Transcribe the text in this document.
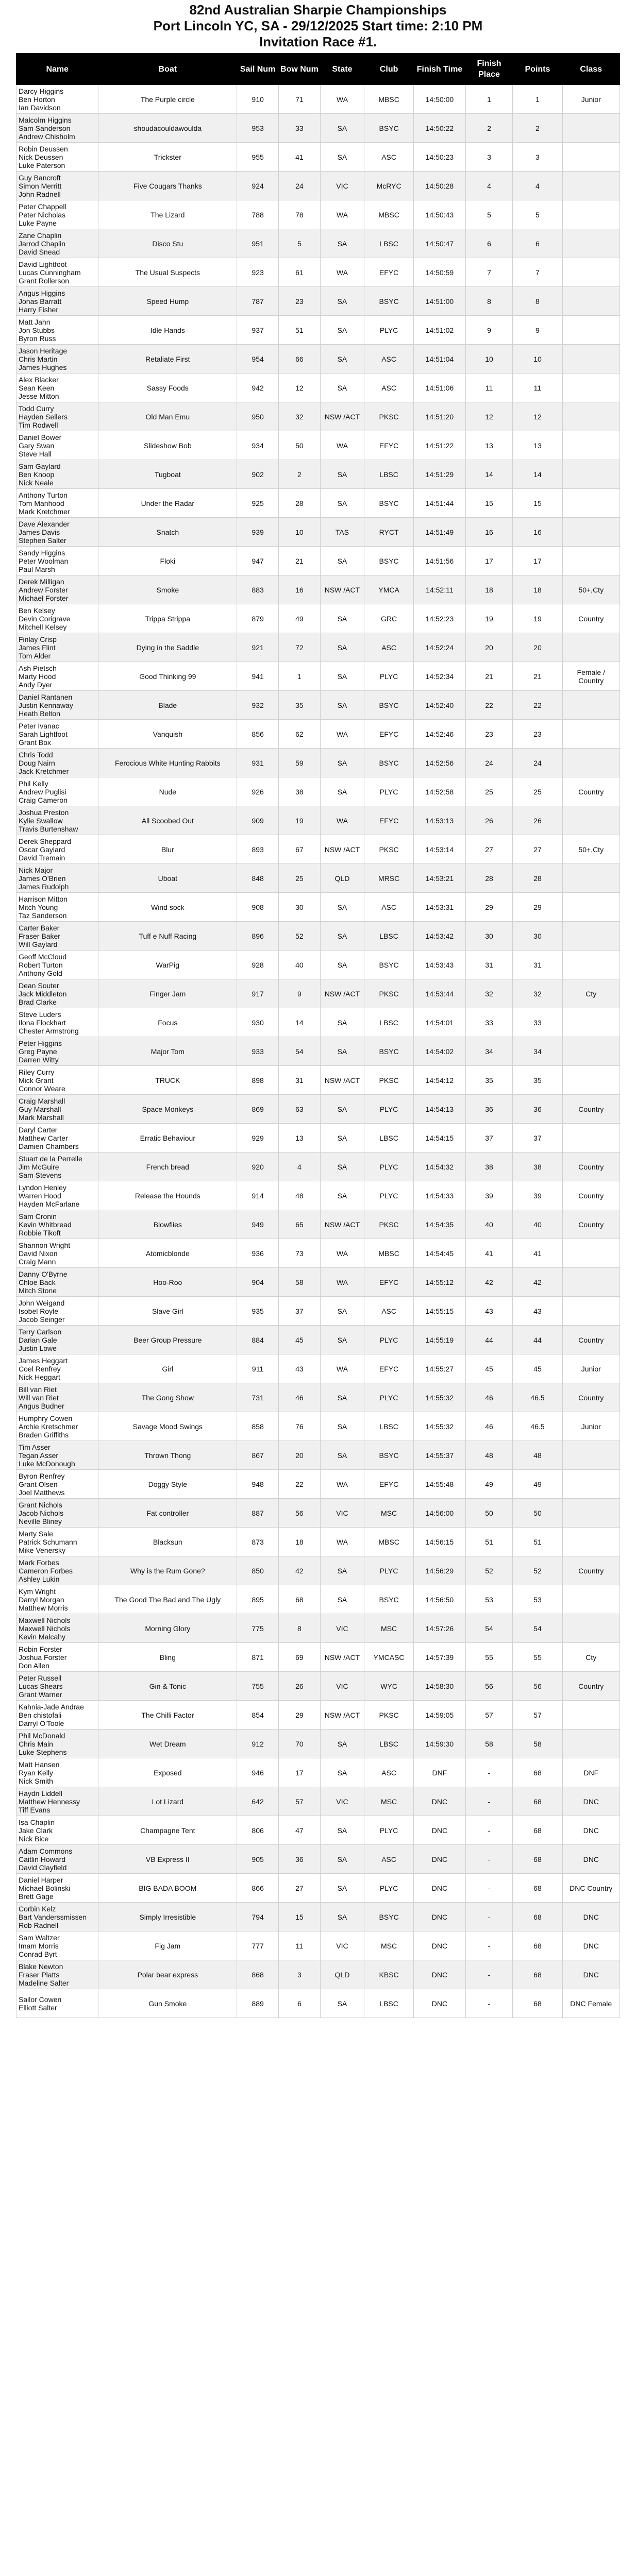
82nd Australian Sharpie Championships
Port Lincoln YC, SA - 29/12/2025 Start time: 2:10 PM
Invitation Race #1.
Name	Boat	Sail Num	Bow Num	State	Club	Finish Time	Finish Place	Points	Class

Darcy Higgins
Ben Horton
Ian Davidson	The Purple circle	910	71	WA	MBSC	14:50:00	1	1	Junior

Malcolm Higgins
Sam Sanderson
Andrew Chisholm	shoudacouldawoulda	953	33	SA	BSYC	14:50:22	2	2	

Robin Deussen
Nick Deussen
Luke Paterson	Trickster	955	41	SA	ASC	14:50:23	3	3	

Guy Bancroft
Simon Merritt
John Radnell	Five Cougars Thanks	924	24	VIC	McRYC	14:50:28	4	4	

Peter Chappell
Peter Nicholas
Luke Payne	The Lizard	788	78	WA	MBSC	14:50:43	5	5	

Zane Chaplin
Jarrod Chaplin
David Snead	Disco Stu	951	5	SA	LBSC	14:50:47	6	6	

David Lightfoot
Lucas Cunningham
Grant Rollerson	The Usual Suspects	923	61	WA	EFYC	14:50:59	7	7	

Angus Higgins
Jonas Barratt
Harry Fisher	Speed Hump	787	23	SA	BSYC	14:51:00	8	8	

Matt Jahn
Jon Stubbs
Byron Russ	Idle Hands	937	51	SA	PLYC	14:51:02	9	9	

Jason Heritage
Chris Martin
James Hughes	Retaliate First	954	66	SA	ASC	14:51:04	10	10	

Alex Blacker
Sean Keen
Jesse Mitton	Sassy Foods	942	12	SA	ASC	14:51:06	11	11	

Todd Curry
Hayden Sellers
Tim Rodwell	Old Man Emu	950	32	NSW /ACT	PKSC	14:51:20	12	12	

Daniel Bower
Gary Swan
Steve Hall	Slideshow Bob	934	50	WA	EFYC	14:51:22	13	13	

Sam Gaylard
Ben Knoop
Nick Neale	Tugboat	902	2	SA	LBSC	14:51:29	14	14	

Anthony Turton
Tom Manhood
Mark Kretchmer	Under the Radar	925	28	SA	BSYC	14:51:44	15	15	

Dave Alexander
James Davis
Stephen Salter	Snatch	939	10	TAS	RYCT	14:51:49	16	16	

Sandy Higgins
Peter Woolman
Paul Marsh	Floki	947	21	SA	BSYC	14:51:56	17	17	

Derek Milligan
Andrew Forster
Michael Forster	Smoke	883	16	NSW /ACT	YMCA	14:52:11	18	18	50+,Cty

Ben Kelsey
Devin Corigrave
Mitchell Kelsey	Trippa Strippa	879	49	SA	GRC	14:52:23	19	19	Country

Finlay Crisp
James Flint
Tom Alder	Dying in the Saddle	921	72	SA	ASC	14:52:24	20	20	

Ash Pietsch
Marty Hood
Andy Dyer	Good Thinking 99	941	1	SA	PLYC	14:52:34	21	21	Female / Country

Daniel Rantanen
Justin Kennaway
Heath Belton	Blade	932	35	SA	BSYC	14:52:40	22	22	

Peter Ivanac
Sarah Lightfoot
Grant Box	Vanquish	856	62	WA	EFYC	14:52:46	23	23	

Chris Todd
Doug Nairn
Jack Kretchmer	Ferocious White Hunting Rabbits	931	59	SA	BSYC	14:52:56	24	24	

Phil Kelly
Andrew Puglisi
Craig Cameron	Nude	926	38	SA	PLYC	14:52:58	25	25	Country

Joshua Preston
Kylie Swallow
Travis Burtenshaw	All Scoobed Out	909	19	WA	EFYC	14:53:13	26	26	

Derek Sheppard
Oscar Gaylard
David Tremain	Blur	893	67	NSW /ACT	PKSC	14:53:14	27	27	50+,Cty

Nick Major
James O'Brien
James Rudolph	Uboat	848	25	QLD	MRSC	14:53:21	28	28	

Harrison Mitton
Mitch Young
Taz Sanderson	Wind sock	908	30	SA	ASC	14:53:31	29	29	

Carter Baker
Fraser Baker
Will Gaylard	Tuff e Nuff Racing	896	52	SA	LBSC	14:53:42	30	30	

Geoff McCloud
Robert Turton
Anthony Gold	WarPig	928	40	SA	BSYC	14:53:43	31	31	

Dean Souter
Jack Middleton
Brad Clarke	Finger Jam	917	9	NSW /ACT	PKSC	14:53:44	32	32	Cty

Steve Luders
Ilona Flockhart
Chester Armstrong	Focus	930	14	SA	LBSC	14:54:01	33	33	

Peter Higgins
Greg Payne
Darren Witty	Major Tom	933	54	SA	BSYC	14:54:02	34	34	

Riley Curry
Mick Grant
Connor Weare	TRUCK	898	31	NSW /ACT	PKSC	14:54:12	35	35	

Craig Marshall
Guy Marshall
Mark Marshall	Space Monkeys	869	63	SA	PLYC	14:54:13	36	36	Country

Daryl Carter
Matthew Carter
Damien Chambers	Erratic Behaviour	929	13	SA	LBSC	14:54:15	37	37	

Stuart de la Perrelle
Jim McGuire
Sam Stevens	French bread	920	4	SA	PLYC	14:54:32	38	38	Country

Lyndon Henley
Warren Hood
Hayden McFarlane	Release the Hounds	914	48	SA	PLYC	14:54:33	39	39	Country

Sam Cronin
Kevin Whitbread
Robbie Tikoft	Blowflies	949	65	NSW /ACT	PKSC	14:54:35	40	40	Country

Shannon Wright
David Nixon
Craig Mann	Atomicblonde	936	73	WA	MBSC	14:54:45	41	41	

Danny O'Byrne
Chloe Back
Mitch Stone	Hoo-Roo	904	58	WA	EFYC	14:55:12	42	42	

John Weigand
Isobel Royle
Jacob Seinger	Slave Girl	935	37	SA	ASC	14:55:15	43	43	

Terry Carlson
Darian Gale
Justin Lowe	Beer Group Pressure	884	45	SA	PLYC	14:55:19	44	44	Country

James Heggart
Coel Renfrey
Nick Heggart	Girl	911	43	WA	EFYC	14:55:27	45	45	Junior

Bill van Riet
Will van Riet
Angus Budner	The Gong Show	731	46	SA	PLYC	14:55:32	46	46.5	Country

Humphry Cowen
Archie Kretschmer
Braden Griffiths	Savage Mood Swings	858	76	SA	LBSC	14:55:32	46	46.5	Junior

Tim Asser
Tegan Asser
Luke McDonough	Thrown Thong	867	20	SA	BSYC	14:55:37	48	48	

Byron Renfrey
Grant Olsen
Joel Matthews	Doggy Style	948	22	WA	EFYC	14:55:48	49	49	

Grant Nichols
Jacob Nichols
Neville Bliney	Fat controller	887	56	VIC	MSC	14:56:00	50	50	

Marty Sale
Patrick Schumann
Mike Venersky	Blacksun	873	18	WA	MBSC	14:56:15	51	51	

Mark Forbes
Cameron Forbes
Ashley Lukin	Why is the Rum Gone?	850	42	SA	PLYC	14:56:29	52	52	Country

Kym Wright
Darryl Morgan
Matthew Morris	The Good The Bad and The Ugly	895	68	SA	BSYC	14:56:50	53	53	

Maxwell Nichols
Maxwell Nichols
Kevin Malcahy	Morning Glory	775	8	VIC	MSC	14:57:26	54	54	

Robin Forster
Joshua Forster
Don Allen	Bling	871	69	NSW /ACT	YMCASC	14:57:39	55	55	Cty

Peter Russell
Lucas Shears
Grant Warner	Gin & Tonic	755	26	VIC	WYC	14:58:30	56	56	Country

Kahnia-Jade Andrae
Ben chistofali
Darryl O'Toole	The Chilli Factor	854	29	NSW /ACT	PKSC	14:59:05	57	57	

Phil McDonald
Chris Main
Luke Stephens	Wet Dream	912	70	SA	LBSC	14:59:30	58	58	

Matt Hansen
Ryan Kelly
Nick Smith	Exposed	946	17	SA	ASC	DNF	-	68	DNF

Haydn Liddell
Matthew Hennessy
Tiff Evans	Lot Lizard	642	57	VIC	MSC	DNC	-	68	DNC

Isa Chaplin
Jake Clark
Nick Bice	Champagne Tent	806	47	SA	PLYC	DNC	-	68	DNC

Adam Commons
Caitlin Howard
David Clayfield	VB Express II	905	36	SA	ASC	DNC	-	68	DNC

Daniel Harper
Michael Bolinski
Brett Gage	BIG BADA BOOM	866	27	SA	PLYC	DNC	-	68	DNC Country

Corbin Kelz
Bart Vanderssmissen
Rob Radnell	Simply Irresistible	794	15	SA	BSYC	DNC	-	68	DNC

Sam Waltzer
Imam Morris
Conrad Byrt	Fig Jam	777	11	VIC	MSC	DNC	-	68	DNC

Blake Newton
Fraser Platts
Madeline Salter	Polar bear express	868	3	QLD	KBSC	DNC	-	68	DNC

Sailor Cowen
Elliott Salter	Gun Smoke	889	6	SA	LBSC	DNC	-	68	DNC Female
